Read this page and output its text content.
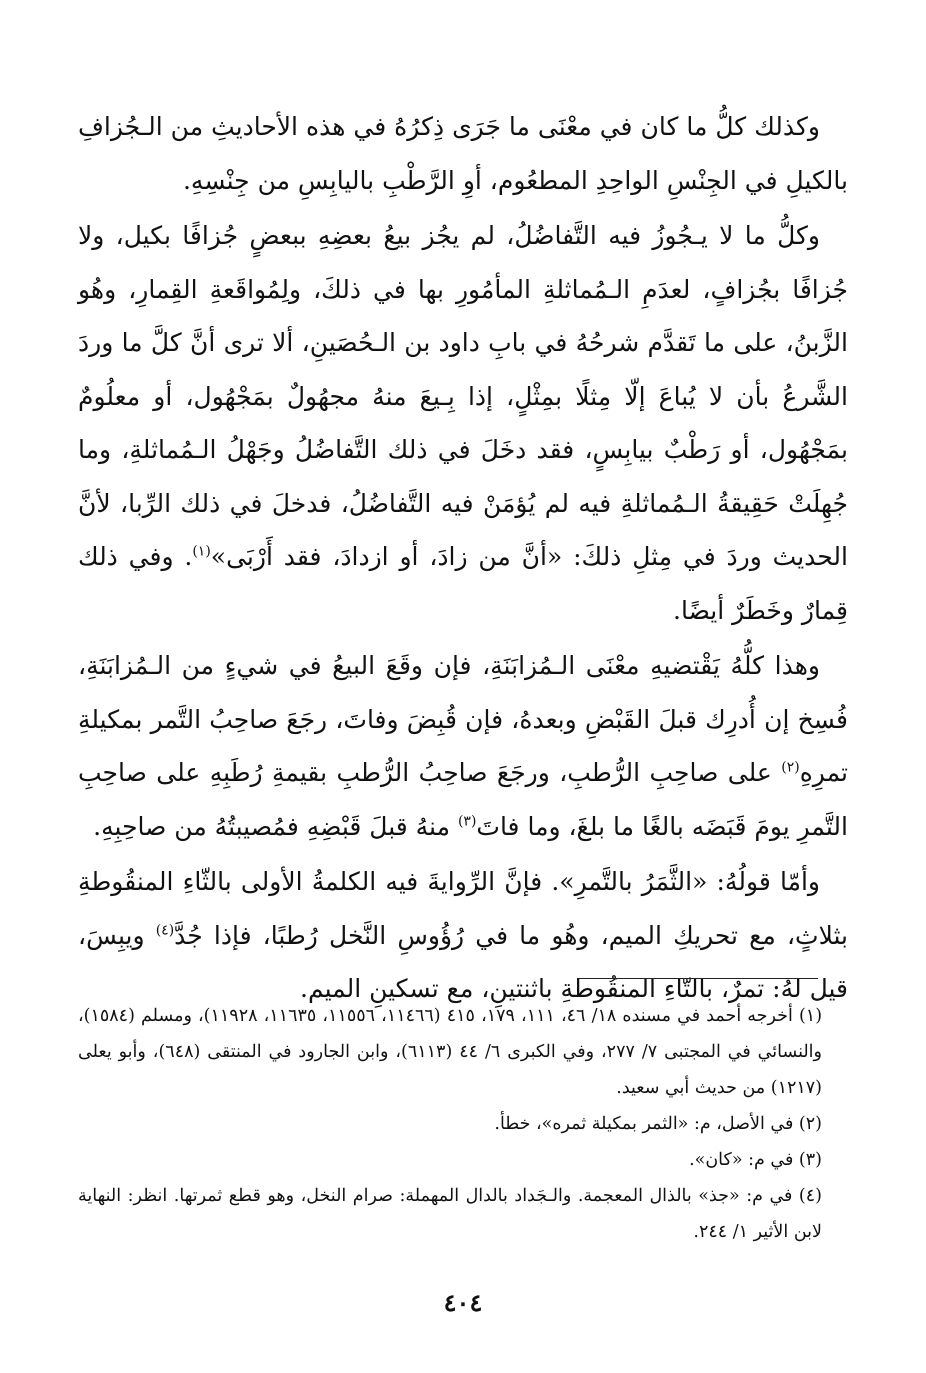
وكذلك كلُّ ما كان في معْنَى ما جَرَى ذِكرُهُ في هذه الأحاديثِ من الـجُزافِ بالكيلِ في الجِنْسِ الواحِدِ المطعُوم، أوِ الرَّطْبِ باليابِسِ من جِنْسِهِ.

وكلُّ ما لا يـجُوزُ فيه التَّفاضُلُ، لم يجُز بيعُ بعضِهِ ببعضٍ جُزافًا بكيل، ولا جُزافًا بجُزافٍ، لعدَمِ الـمُماثلةِ المأمُورِ بها في ذلكَ، ولِمُواقَعةِ القِمارِ، وهُو الزَّبنُ، على ما تَقدَّم شرحُهُ في بابِ داود بن الـحُصَينِ، ألا ترى أنَّ كلَّ ما وردَ الشَّرعُ بأن لا يُباعَ إلّا مِثلًا بمِثْلٍ، إذا بِـيعَ منهُ مجهُولٌ بمَجْهُول، أو معلُومٌ بمَجْهُول، أو رَطْبٌ بيابِسٍ، فقد دخَلَ في ذلك التَّفاضُلُ وجَهْلُ الـمُماثلةِ، وما جُهِلَتْ حَقِيقةُ الـمُماثلةِ فيه لم يُؤمَنْ فيه التَّفاضُلُ، فدخلَ في ذلك الرِّبا، لأنَّ الحديث وردَ في مِثلِ ذلكَ: «أنَّ من زادَ، أو ازدادَ، فقد أَرْبَى»$^{(١)}$. وفي ذلك قِمارٌ وخَطَرٌ أيضًا.

وهذا كلُّهُ يَقْتضيهِ معْنَى الـمُزابَنَةِ، فإن وقَعَ البيعُ في شيءٍ من الـمُزابَنَةِ، فُسِخ إن أُدرِك قبلَ القَبْضِ وبعدهُ، فإن قُبِضَ وفاتَ، رجَعَ صاحِبُ التَّمر بمكيلةِ تمرِهِ$^{(٢)}$ على صاحِبِ الرُّطبِ، ورجَعَ صاحِبُ الرُّطبِ بقيمةِ رُطَبِهِ على صاحِبِ التَّمرِ يومَ قَبَضَه بالغًا ما بلغَ، وما فاتَ$^{(٣)}$ منهُ قبلَ قَبْضِهِ فمُصيبتُهُ من صاحِبِهِ.

وأمّا قولُهُ: «الثَّمَرُ بالتَّمرِ». فإنَّ الرِّوايةَ فيه الكلمةُ الأولى بالثّاءِ المنقُوطةِ بثلاثٍ، مع تحريكِ الميم، وهُو ما في رُؤُوسِ النَّخل رُطبًا، فإذا جُدَّ$^{(٤)}$ ويبِسَ، قيل لهُ: تمرٌ، بالتّاءِ المنقُوطةِ باثنتينِ، مع تسكينِ الميم.

(١) أخرجه أحمد في مسنده ١٨/ ٤٦، ١١١، ١٧٩، ٤١٥ (١١٤٦٦، ١١٥٥٦، ١١٦٣٥، ١١٩٢٨)، ومسلم (١٥٨٤)، والنسائي في المجتبى ٧/ ٢٧٧، وفي الكبرى ٦/ ٤٤ (٦١١٣)، وابن الجارود في المنتقى (٦٤٨)، وأبو يعلى (١٢١٧) من حديث أبي سعيد.

(٢) في الأصل، م: «الثمر بمكيلة ثمره»، خطأ.

(٣) في م: «كان».

(٤) في م: «جذ» بالذال المعجمة. والـجَداد بالدال المهملة: صرام النخل، وهو قطع ثمرتها. انظر: النهاية لابن الأثير ١/ ٢٤٤.

٤٠٤
